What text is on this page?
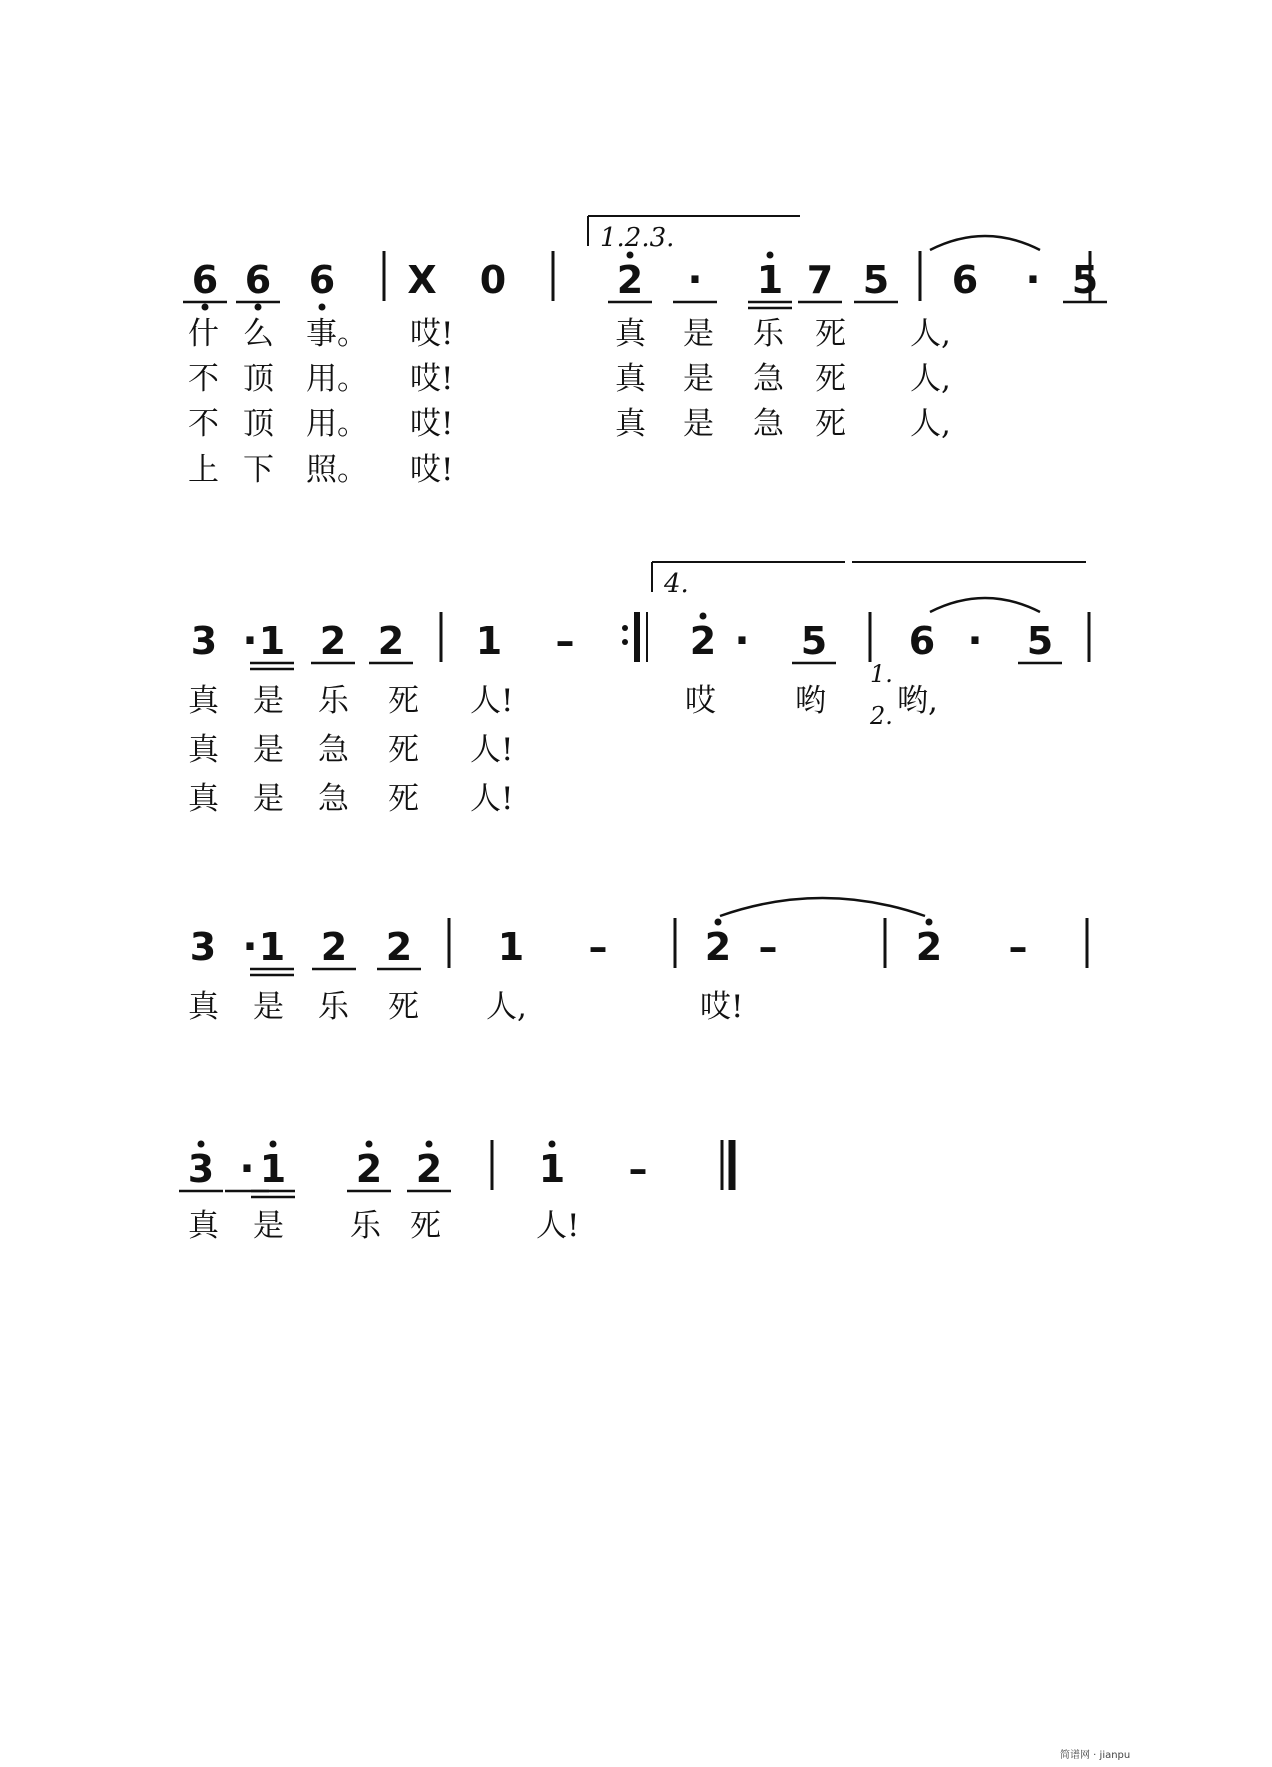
6 6 6 X 0	2 · 1 7 5 6 · 5
3 · 1 2 2 1 –	2 · 5 6 · 5
3 · 1 2 2 1 –	2 –	2 –
3 · 1 2 2	1 –
1.2.3.
4.
什 么 事。 哎!	真 是 乐 死 人,
不 顶 用。 哎!	真 是 急 死 人,
不 顶 用。 哎!	真 是 急 死 人,
上 下 照。 哎!
真 是 乐 死 人!	哎	哟 哟,
真 是 急 死 人!
真 是 急 死 人!
真 是 乐 死 人,	哎!
真 是 乐 死	人!
1.
2.
简谱网 · jianpu
